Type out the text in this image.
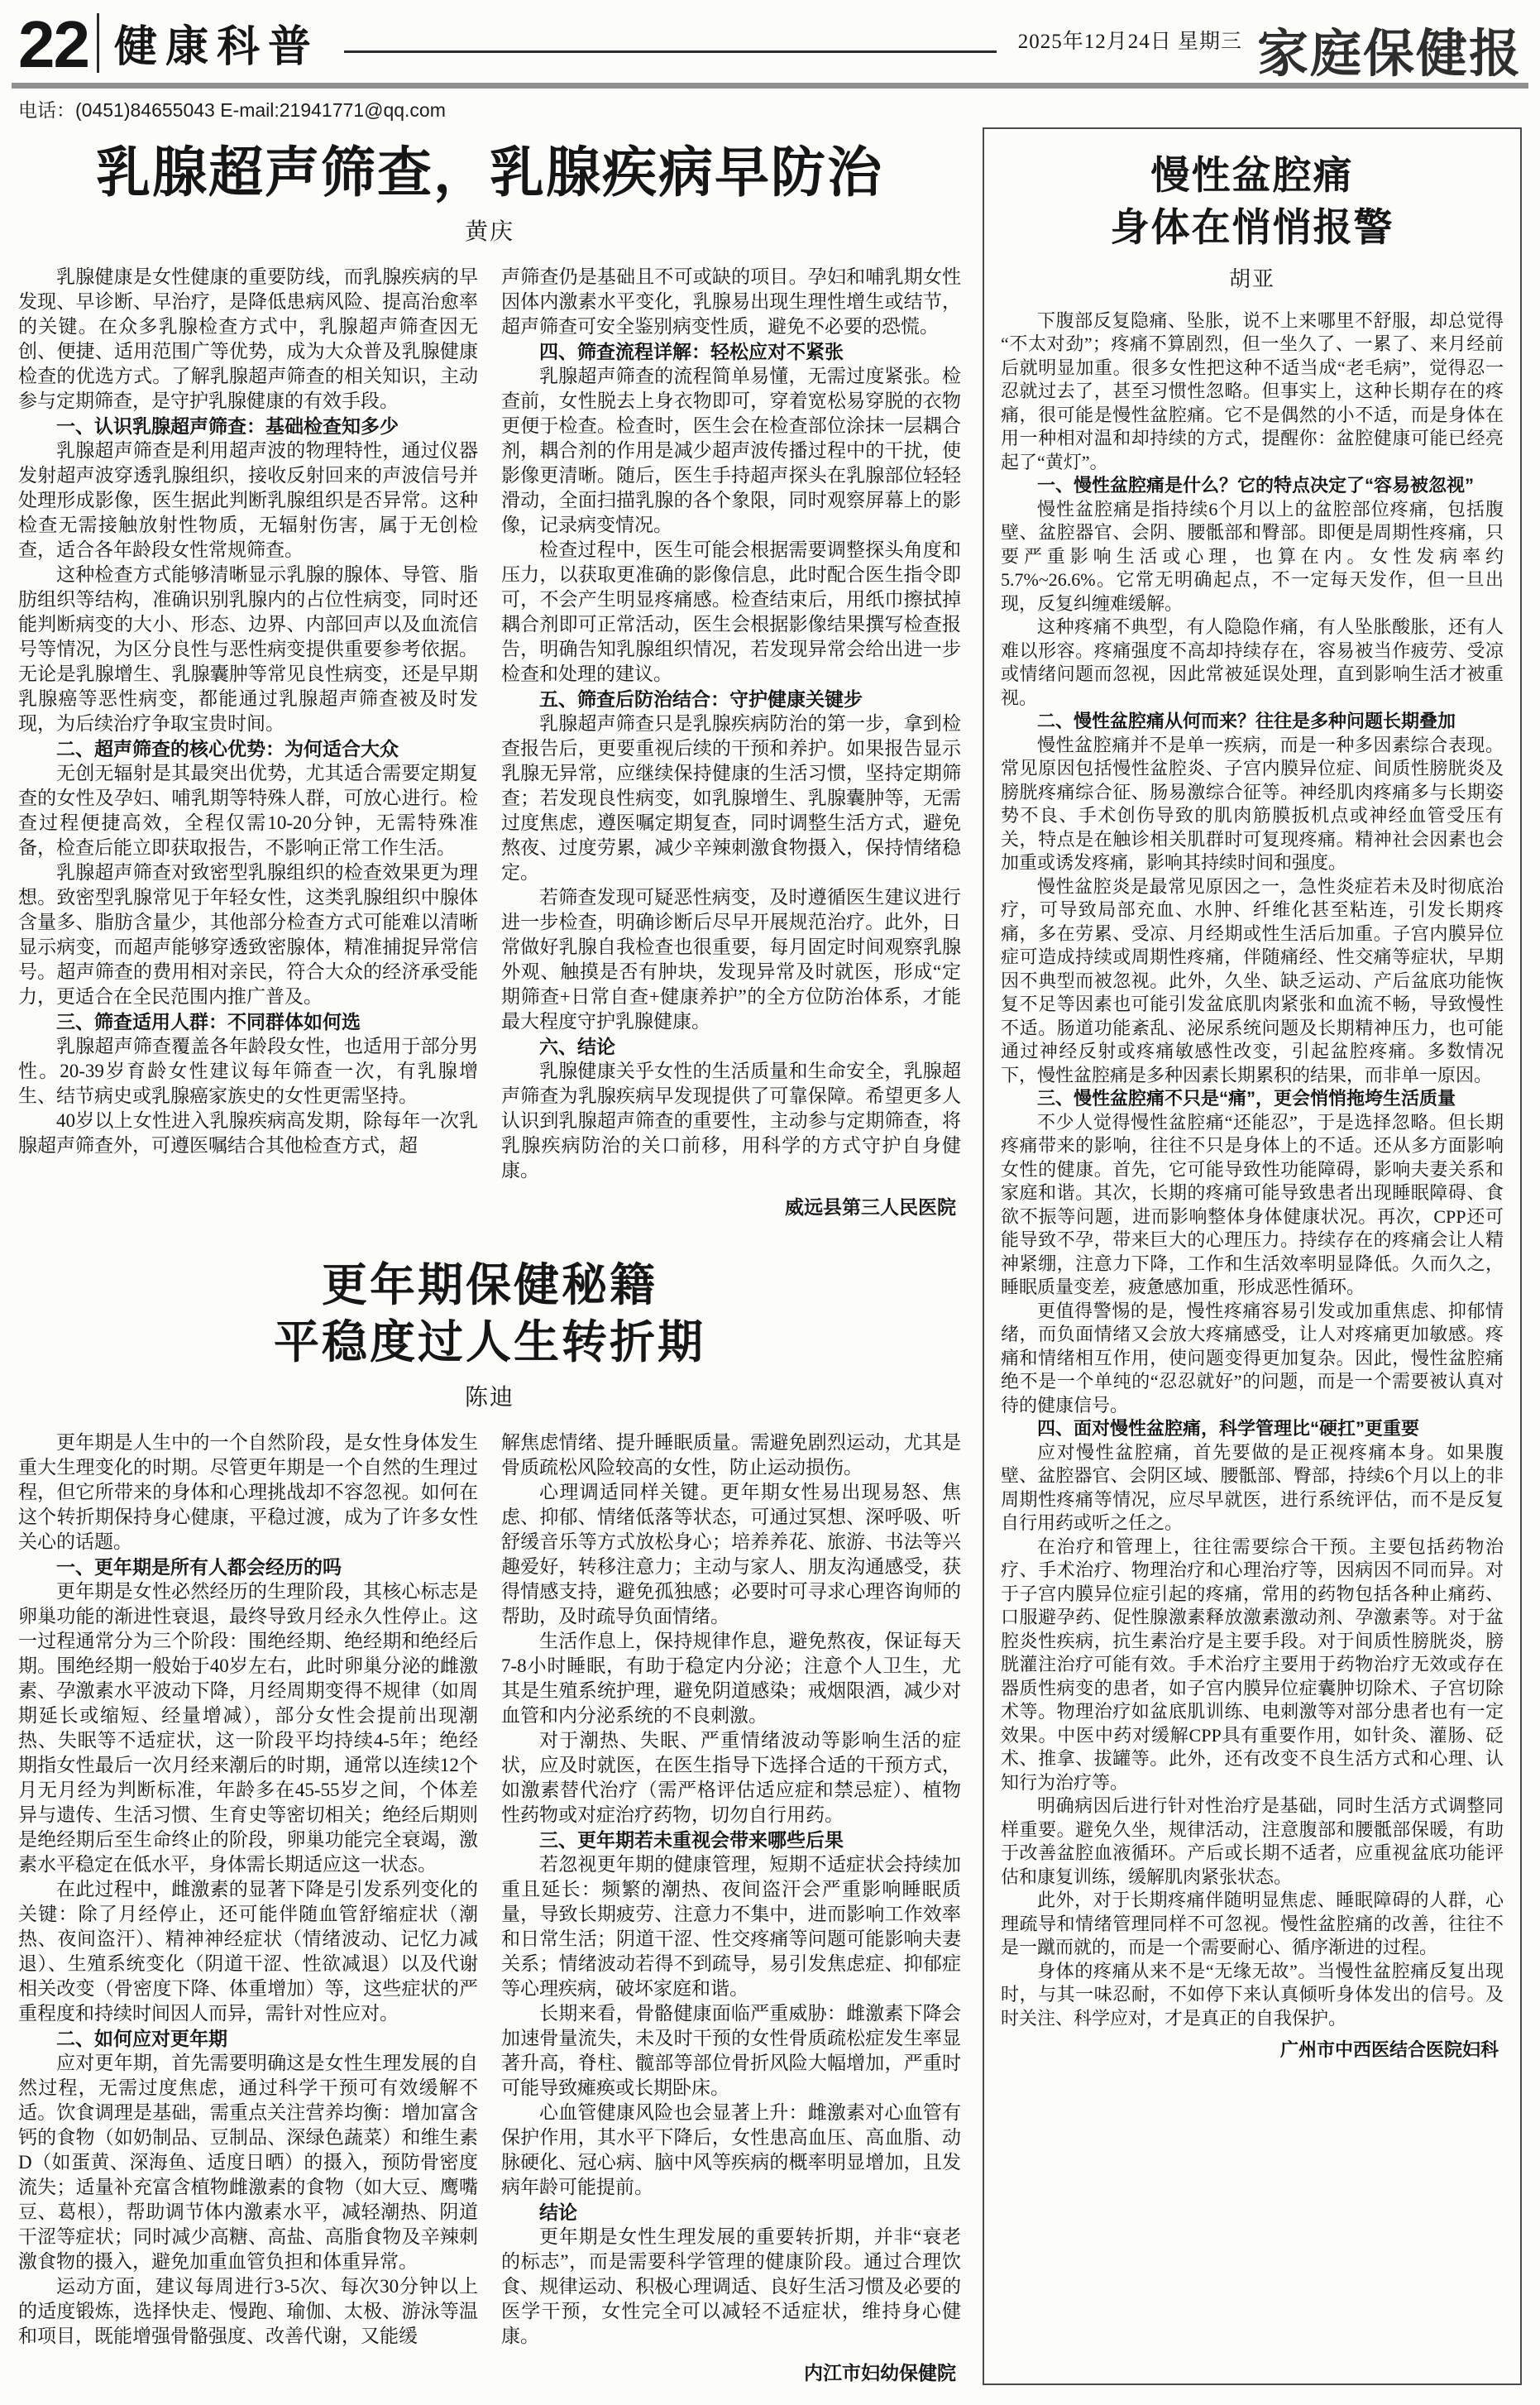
22 健康科普	2025年12月24日 星期三 家庭保健报
电话：(0451)84655043 E-mail:21941771@qq.com
乳腺超声筛查，乳腺疾病早防治
黄庆

乳腺健康是女性健康的重要防线，而乳腺疾病的早发现、早诊断、早治疗，是降低患病风险、提高治愈率的关键。在众多乳腺检查方式中，乳腺超声筛查因无创、便捷、适用范围广等优势，成为大众普及乳腺健康检查的优选方式。了解乳腺超声筛查的相关知识，主动参与定期筛查，是守护乳腺健康的有效手段。

一、认识乳腺超声筛查：基础检查知多少

乳腺超声筛查是利用超声波的物理特性，通过仪器发射超声波穿透乳腺组织，接收反射回来的声波信号并处理形成影像，医生据此判断乳腺组织是否异常。这种检查无需接触放射性物质，无辐射伤害，属于无创检查，适合各年龄段女性常规筛查。

这种检查方式能够清晰显示乳腺的腺体、导管、脂肪组织等结构，准确识别乳腺内的占位性病变，同时还能判断病变的大小、形态、边界、内部回声以及血流信号等情况，为区分良性与恶性病变提供重要参考依据。无论是乳腺增生、乳腺囊肿等常见良性病变，还是早期乳腺癌等恶性病变，都能通过乳腺超声筛查被及时发现，为后续治疗争取宝贵时间。

二、超声筛查的核心优势：为何适合大众

无创无辐射是其最突出优势，尤其适合需要定期复查的女性及孕妇、哺乳期等特殊人群，可放心进行。检查过程便捷高效，全程仅需10-20分钟，无需特殊准备，检查后能立即获取报告，不影响正常工作生活。

乳腺超声筛查对致密型乳腺组织的检查效果更为理想。致密型乳腺常见于年轻女性，这类乳腺组织中腺体含量多、脂肪含量少，其他部分检查方式可能难以清晰显示病变，而超声能够穿透致密腺体，精准捕捉异常信号。超声筛查的费用相对亲民，符合大众的经济承受能力，更适合在全民范围内推广普及。

三、筛查适用人群：不同群体如何选

乳腺超声筛查覆盖各年龄段女性，也适用于部分男性。20-39岁育龄女性建议每年筛查一次，有乳腺增生、结节病史或乳腺癌家族史的女性更需坚持。

40岁以上女性进入乳腺疾病高发期，除每年一次乳腺超声筛查外，可遵医嘱结合其他检查方式，超

声筛查仍是基础且不可或缺的项目。孕妇和哺乳期女性因体内激素水平变化，乳腺易出现生理性增生或结节，超声筛查可安全鉴别病变性质，避免不必要的恐慌。

四、筛查流程详解：轻松应对不紧张

乳腺超声筛查的流程简单易懂，无需过度紧张。检查前，女性脱去上身衣物即可，穿着宽松易穿脱的衣物更便于检查。检查时，医生会在检查部位涂抹一层耦合剂，耦合剂的作用是减少超声波传播过程中的干扰，使影像更清晰。随后，医生手持超声探头在乳腺部位轻轻滑动，全面扫描乳腺的各个象限，同时观察屏幕上的影像，记录病变情况。

检查过程中，医生可能会根据需要调整探头角度和压力，以获取更准确的影像信息，此时配合医生指令即可，不会产生明显疼痛感。检查结束后，用纸巾擦拭掉耦合剂即可正常活动，医生会根据影像结果撰写检查报告，明确告知乳腺组织情况，若发现异常会给出进一步检查和处理的建议。

五、筛查后防治结合：守护健康关键步

乳腺超声筛查只是乳腺疾病防治的第一步，拿到检查报告后，更要重视后续的干预和养护。如果报告显示乳腺无异常，应继续保持健康的生活习惯，坚持定期筛查；若发现良性病变，如乳腺增生、乳腺囊肿等，无需过度焦虑，遵医嘱定期复查，同时调整生活方式，避免熬夜、过度劳累，减少辛辣刺激食物摄入，保持情绪稳定。

若筛查发现可疑恶性病变，及时遵循医生建议进行进一步检查，明确诊断后尽早开展规范治疗。此外，日常做好乳腺自我检查也很重要，每月固定时间观察乳腺外观、触摸是否有肿块，发现异常及时就医，形成“定期筛查+日常自查+健康养护”的全方位防治体系，才能最大程度守护乳腺健康。

六、结论

乳腺健康关乎女性的生活质量和生命安全，乳腺超声筛查为乳腺疾病早发现提供了可靠保障。希望更多人认识到乳腺超声筛查的重要性，主动参与定期筛查，将乳腺疾病防治的关口前移，用科学的方式守护自身健康。

威远县第三人民医院

更年期保健秘籍
平稳度过人生转折期
陈迪

更年期是人生中的一个自然阶段，是女性身体发生重大生理变化的时期。尽管更年期是一个自然的生理过程，但它所带来的身体和心理挑战却不容忽视。如何在这个转折期保持身心健康，平稳过渡，成为了许多女性关心的话题。

一、更年期是所有人都会经历的吗

更年期是女性必然经历的生理阶段，其核心标志是卵巢功能的渐进性衰退，最终导致月经永久性停止。这一过程通常分为三个阶段：围绝经期、绝经期和绝经后期。围绝经期一般始于40岁左右，此时卵巢分泌的雌激素、孕激素水平波动下降，月经周期变得不规律（如周期延长或缩短、经量增减），部分女性会提前出现潮热、失眠等不适症状，这一阶段平均持续4-5年；绝经期指女性最后一次月经来潮后的时期，通常以连续12个月无月经为判断标准，年龄多在45-55岁之间，个体差异与遗传、生活习惯、生育史等密切相关；绝经后期则是绝经期后至生命终止的阶段，卵巢功能完全衰竭，激素水平稳定在低水平，身体需长期适应这一状态。

在此过程中，雌激素的显著下降是引发系列变化的关键：除了月经停止，还可能伴随血管舒缩症状（潮热、夜间盗汗）、精神神经症状（情绪波动、记忆力减退）、生殖系统变化（阴道干涩、性欲减退）以及代谢相关改变（骨密度下降、体重增加）等，这些症状的严重程度和持续时间因人而异，需针对性应对。

二、如何应对更年期

应对更年期，首先需要明确这是女性生理发展的自然过程，无需过度焦虑，通过科学干预可有效缓解不适。饮食调理是基础，需重点关注营养均衡：增加富含钙的食物（如奶制品、豆制品、深绿色蔬菜）和维生素D（如蛋黄、深海鱼、适度日晒）的摄入，预防骨密度流失；适量补充富含植物雌激素的食物（如大豆、鹰嘴豆、葛根），帮助调节体内激素水平，减轻潮热、阴道干涩等症状；同时减少高糖、高盐、高脂食物及辛辣刺激食物的摄入，避免加重血管负担和体重异常。

运动方面，建议每周进行3-5次、每次30分钟以上的适度锻炼，选择快走、慢跑、瑜伽、太极、游泳等温和项目，既能增强骨骼强度、改善代谢，又能缓

解焦虑情绪、提升睡眠质量。需避免剧烈运动，尤其是骨质疏松风险较高的女性，防止运动损伤。

心理调适同样关键。更年期女性易出现易怒、焦虑、抑郁、情绪低落等状态，可通过冥想、深呼吸、听舒缓音乐等方式放松身心；培养养花、旅游、书法等兴趣爱好，转移注意力；主动与家人、朋友沟通感受，获得情感支持，避免孤独感；必要时可寻求心理咨询师的帮助，及时疏导负面情绪。

生活作息上，保持规律作息，避免熬夜，保证每天7-8小时睡眠，有助于稳定内分泌；注意个人卫生，尤其是生殖系统护理，避免阴道感染；戒烟限酒，减少对血管和内分泌系统的不良刺激。

对于潮热、失眠、严重情绪波动等影响生活的症状，应及时就医，在医生指导下选择合适的干预方式，如激素替代治疗（需严格评估适应症和禁忌症）、植物性药物或对症治疗药物，切勿自行用药。

三、更年期若未重视会带来哪些后果

若忽视更年期的健康管理，短期不适症状会持续加重且延长：频繁的潮热、夜间盗汗会严重影响睡眠质量，导致长期疲劳、注意力不集中，进而影响工作效率和日常生活；阴道干涩、性交疼痛等问题可能影响夫妻关系；情绪波动若得不到疏导，易引发焦虑症、抑郁症等心理疾病，破坏家庭和谐。

长期来看，骨骼健康面临严重威胁：雌激素下降会加速骨量流失，未及时干预的女性骨质疏松症发生率显著升高，脊柱、髋部等部位骨折风险大幅增加，严重时可能导致瘫痪或长期卧床。

心血管健康风险也会显著上升：雌激素对心血管有保护作用，其水平下降后，女性患高血压、高血脂、动脉硬化、冠心病、脑中风等疾病的概率明显增加，且发病年龄可能提前。

结论

更年期是女性生理发展的重要转折期，并非“衰老的标志”，而是需要科学管理的健康阶段。通过合理饮食、规律运动、积极心理调适、良好生活习惯及必要的医学干预，女性完全可以减轻不适症状，维持身心健康。

内江市妇幼保健院

慢性盆腔痛
身体在悄悄报警
胡亚

下腹部反复隐痛、坠胀，说不上来哪里不舒服，却总觉得“不太对劲”；疼痛不算剧烈，但一坐久了、一累了、来月经前后就明显加重。很多女性把这种不适当成“老毛病”，觉得忍一忍就过去了，甚至习惯性忽略。但事实上，这种长期存在的疼痛，很可能是慢性盆腔痛。它不是偶然的小不适，而是身体在用一种相对温和却持续的方式，提醒你：盆腔健康可能已经亮起了“黄灯”。

一、慢性盆腔痛是什么？它的特点决定了“容易被忽视”

慢性盆腔痛是指持续6个月以上的盆腔部位疼痛，包括腹壁、盆腔器官、会阴、腰骶部和臀部。即便是周期性疼痛，只要严重影响生活或心理，也算在内。女性发病率约5.7%~26.6%。它常无明确起点，不一定每天发作，但一旦出现，反复纠缠难缓解。

这种疼痛不典型，有人隐隐作痛，有人坠胀酸胀，还有人难以形容。疼痛强度不高却持续存在，容易被当作疲劳、受凉或情绪问题而忽视，因此常被延误处理，直到影响生活才被重视。

二、慢性盆腔痛从何而来？往往是多种问题长期叠加

慢性盆腔痛并不是单一疾病，而是一种多因素综合表现。常见原因包括慢性盆腔炎、子宫内膜异位症、间质性膀胱炎及膀胱疼痛综合征、肠易激综合征等。神经肌肉疼痛多与长期姿势不良、手术创伤导致的肌肉筋膜扳机点或神经血管受压有关，特点是在触诊相关肌群时可复现疼痛。精神社会因素也会加重或诱发疼痛，影响其持续时间和强度。

慢性盆腔炎是最常见原因之一，急性炎症若未及时彻底治疗，可导致局部充血、水肿、纤维化甚至粘连，引发长期疼痛，多在劳累、受凉、月经期或性生活后加重。子宫内膜异位症可造成持续或周期性疼痛，伴随痛经、性交痛等症状，早期因不典型而被忽视。此外，久坐、缺乏运动、产后盆底功能恢复不足等因素也可能引发盆底肌肉紧张和血流不畅，导致慢性不适。肠道功能紊乱、泌尿系统问题及长期精神压力，也可能通过神经反射或疼痛敏感性改变，引起盆腔疼痛。多数情况下，慢性盆腔痛是多种因素长期累积的结果，而非单一原因。

三、慢性盆腔痛不只是“痛”，更会悄悄拖垮生活质量

不少人觉得慢性盆腔痛“还能忍”，于是选择忽略。但长期疼痛带来的影响，往往不只是身体上的不适。还从多方面影响女性的健康。首先，它可能导致性功能障碍，影响夫妻关系和家庭和谐。其次，长期的疼痛可能导致患者出现睡眠障碍、食欲不振等问题，进而影响整体身体健康状况。再次，CPP还可能导致不孕，带来巨大的心理压力。持续存在的疼痛会让人精神紧绷，注意力下降，工作和生活效率明显降低。久而久之，睡眠质量变差，疲惫感加重，形成恶性循环。

更值得警惕的是，慢性疼痛容易引发或加重焦虑、抑郁情绪，而负面情绪又会放大疼痛感受，让人对疼痛更加敏感。疼痛和情绪相互作用，使问题变得更加复杂。因此，慢性盆腔痛绝不是一个单纯的“忍忍就好”的问题，而是一个需要被认真对待的健康信号。

四、面对慢性盆腔痛，科学管理比“硬扛”更重要

应对慢性盆腔痛，首先要做的是正视疼痛本身。如果腹壁、盆腔器官、会阴区域、腰骶部、臀部，持续6个月以上的非周期性疼痛等情况，应尽早就医，进行系统评估，而不是反复自行用药或听之任之。

在治疗和管理上，往往需要综合干预。主要包括药物治疗、手术治疗、物理治疗和心理治疗等，因病因不同而异。对于子宫内膜异位症引起的疼痛，常用的药物包括各种止痛药、口服避孕药、促性腺激素释放激素激动剂、孕激素等。对于盆腔炎性疾病，抗生素治疗是主要手段。对于间质性膀胱炎，膀胱灌注治疗可能有效。手术治疗主要用于药物治疗无效或存在器质性病变的患者，如子宫内膜异位症囊肿切除术、子宫切除术等。物理治疗如盆底肌训练、电刺激等对部分患者也有一定效果。中医中药对缓解CPP具有重要作用，如针灸、灌肠、砭术、推拿、拔罐等。此外，还有改变不良生活方式和心理、认知行为治疗等。

明确病因后进行针对性治疗是基础，同时生活方式调整同样重要。避免久坐，规律活动，注意腹部和腰骶部保暖，有助于改善盆腔血液循环。产后或长期不适者，应重视盆底功能评估和康复训练，缓解肌肉紧张状态。

此外，对于长期疼痛伴随明显焦虑、睡眠障碍的人群，心理疏导和情绪管理同样不可忽视。慢性盆腔痛的改善，往往不是一蹴而就的，而是一个需要耐心、循序渐进的过程。

身体的疼痛从来不是“无缘无故”。当慢性盆腔痛反复出现时，与其一味忍耐，不如停下来认真倾听身体发出的信号。及时关注、科学应对，才是真正的自我保护。

广州市中西医结合医院妇科
